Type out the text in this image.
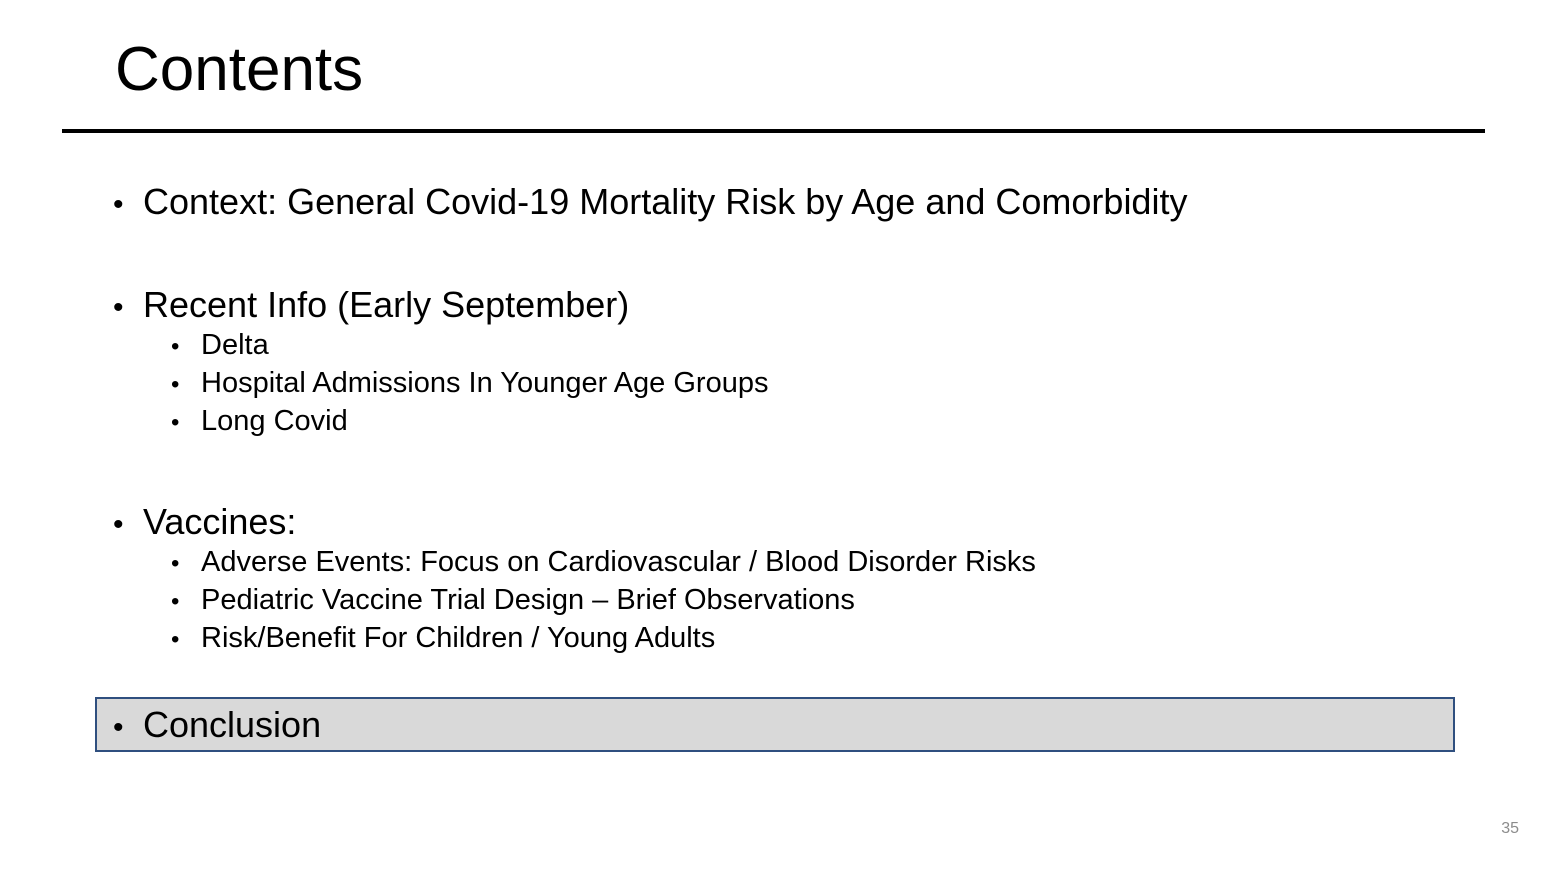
Contents
• Context: General Covid-19 Mortality Risk by Age and Comorbidity
• Recent Info (Early September)
• Delta
• Hospital Admissions In Younger Age Groups
• Long Covid
• Vaccines:
• Adverse Events: Focus on Cardiovascular / Blood Disorder Risks
• Pediatric Vaccine Trial Design – Brief Observations
• Risk/Benefit For Children / Young Adults
• Conclusion
35
